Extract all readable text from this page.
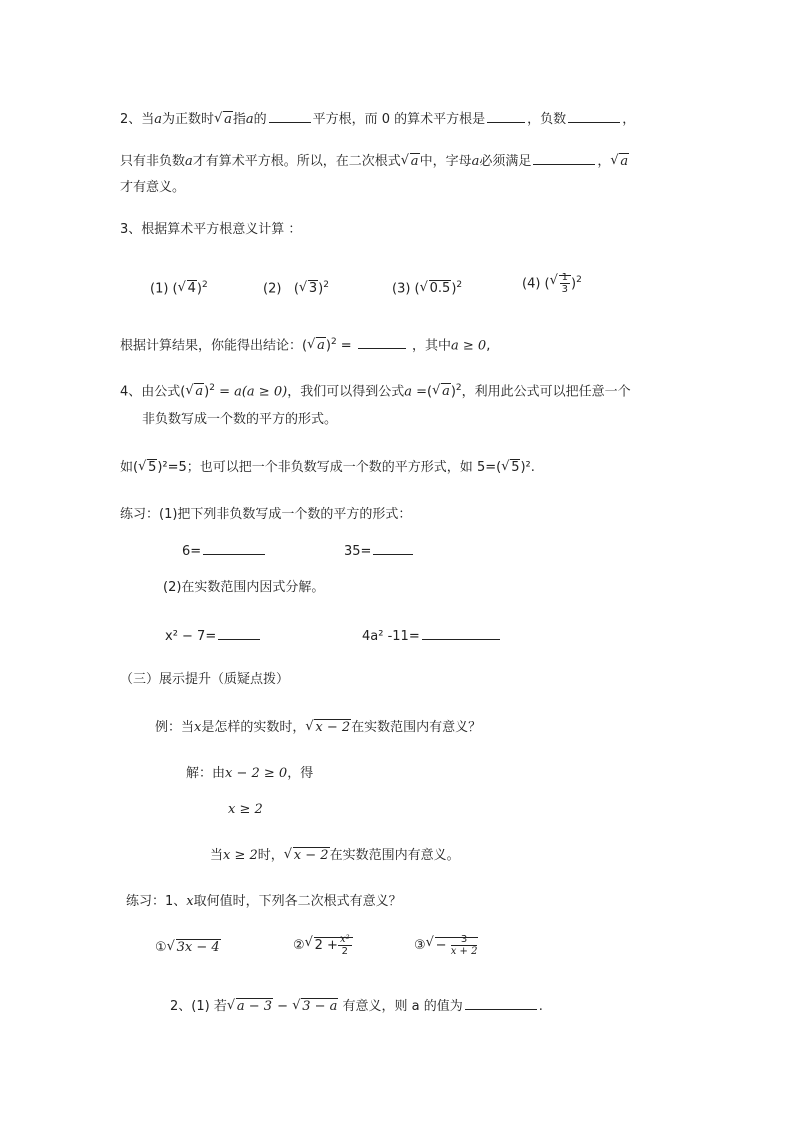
2、当a为正数时 √ a指a的	平方根，而 0 的算术平方根是	，负数	，
只有非负数a才有算术平方根。所以，在二次根式 √ a中，字母a必须满足	， √ a
才有意义。
3、根据算术平方根意义计算 ：
(1) ( √ 4)$^2$	(2)   ( √ 3)$^2$	(3) ( √ 0.5)$^2$	(4) ( √ $\frac{1}{3} )^2$
根据计算结果，你能得出结论：( √ a)$^2$ =	，其中a ≥ 0,
4、由公式( √ a)$^2$ = a(a ≥ 0)，我们可以得到公式a =( √ a)$^2$，利用此公式可以把任意一个
非负数写成一个数的平方的形式。
如( √ 5)²=5；也可以把一个非负数写成一个数的平方形式，如 5=( √ 5)².
练习：(1)把下列非负数写成一个数的平方的形式：
6=	35=
(2)在实数范围内因式分解。
x² − 7=	4a² -11=
（三）展示提升（质疑点拨）
例：当x是怎样的实数时， √ x − 2在实数范围内有意义？
解：由x − 2 ≥ 0，得
x ≥ 2
当x ≥ 2时， √ x − 2在实数范围内有意义。
练习：1、x取何值时，下列各二次根式有意义？
① √ 3x − 4	② √ $2 + \frac{\text{x²}}{2}$	③ √ − $\frac{3}{x + 2}$
2、(1) 若 √ a − 3 − √ 3 − a 有意义，则 a 的值为	.
